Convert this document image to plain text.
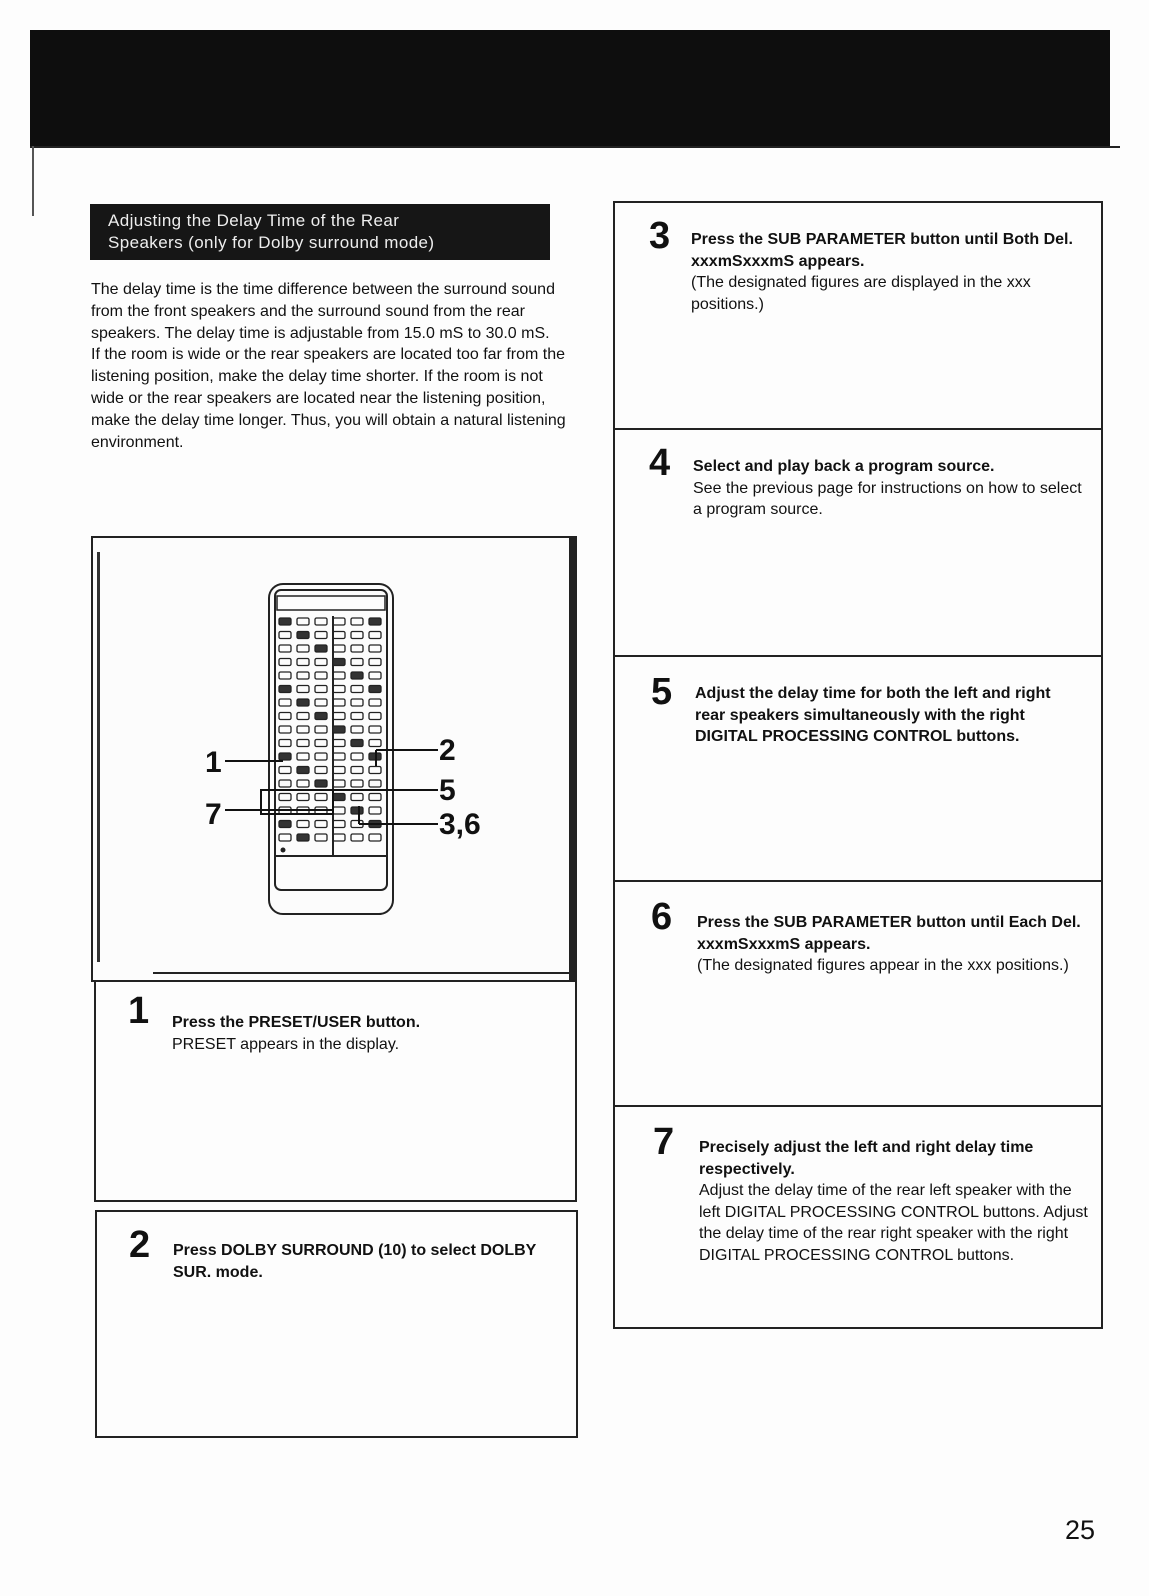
Adjusting the Delay Time of the Rear
Speakers (only for Dolby surround mode)
The delay time is the time difference between the surround sound from the front speakers and the surround sound from the rear speakers. The delay time is adjustable from 15.0 mS to 30.0 mS.
If the room is wide or the rear speakers are located too far from the listening position, make the delay time shorter. If the room is not wide or the rear speakers are located near the listening position, make the delay time longer. Thus, you will obtain a natural listening environment.
1
7
2
5
3,6
1 Press the PRESET/USER button.
PRESET appears in the display.
2 Press DOLBY SURROUND (10) to select DOLBY SUR. mode.
3 Press the SUB PARAMETER button until Both Del. xxxmSxxxmS appears.
(The designated figures are displayed in the xxx positions.)
4 Select and play back a program source.
See the previous page for instructions on how to select a program source.
5 Adjust the delay time for both the left and right rear speakers simultaneously with the right DIGITAL PROCESSING CONTROL buttons.
6 Press the SUB PARAMETER button until Each Del. xxxmSxxxmS appears.
(The designated figures appear in the xxx positions.)
7 Precisely adjust the left and right delay time respectively.
Adjust the delay time of the rear left speaker with the left DIGITAL PROCESSING CONTROL buttons. Adjust the delay time of the rear right speaker with the right DIGITAL PROCESSING CONTROL buttons.
25
